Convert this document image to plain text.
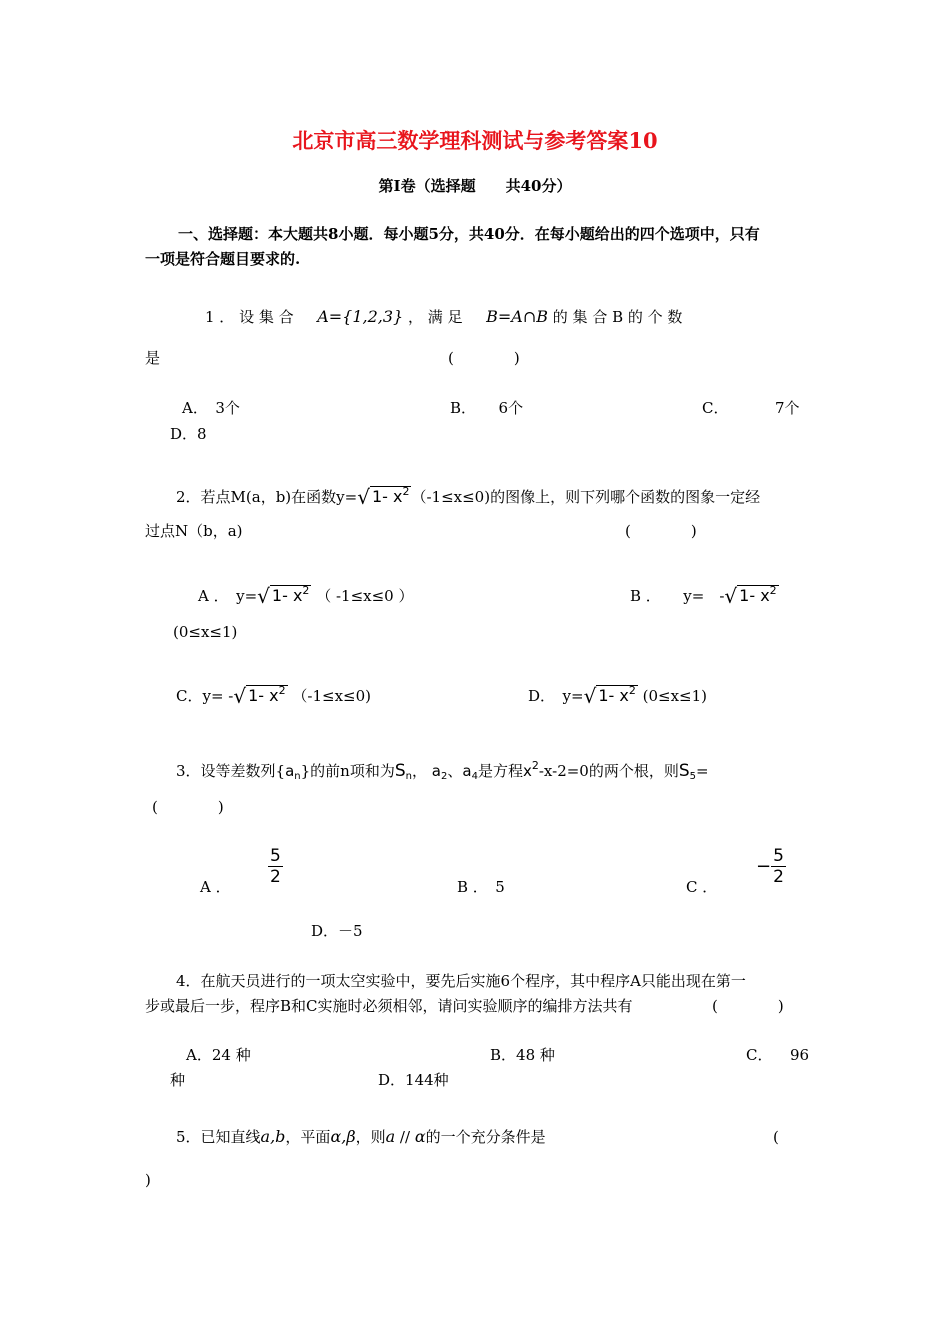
北京市高三数学理科测试与参考答案10
第Ⅰ卷（选择题　　共40分）
一、选择题：本大题共8小题．每小题5分，共40分．在每小题给出的四个选项中，只有
一项是符合题目要求的.
1 ． 设 集 合 A={1,2,3} ， 满 足 B=A∩B 的 集 合 B 的 个 数
是	(　　　　)
A．　3个	B．　　6个	C．	7个
D．8
2．若点M(a，b)在函数y=√ 1- $x^2$ （-1≤x≤0)的图像上，则下列哪个函数的图象一定经
过点N（b，a)	(　　　　)
A ．　y=√ 1- $x^2$ （ -1≤x≤0 ）	B ．　　y=　-√ 1- $x^2$
(0≤x≤1)
C．y= -√ 1- $x^2$ （-1≤x≤0)	D．　y=√ 1- $x^2$ (0≤x≤1)
3．设等差数列$\{a_n\}$的前n项和为$S_n$， $a_2$、$a_4$是方程$x^2-x-2=0$的两个根，则$S_5=$
(　　　　)
A ． $\frac{5}{2}$	B ．　5	C ．
− $\frac{5}{2}$
D．－5
4．在航天员进行的一项太空实验中，要先后实施6个程序，其中程序A只能出现在第一
步或最后一步，程序B和C实施时必须相邻，请问实验顺序的编排方法共有	(　　　　)
A．24 种	B．48 种	C． 96
种	D．144种
5．已知直线a,b，平面α,β，则a // α的一个充分条件是	(
)
